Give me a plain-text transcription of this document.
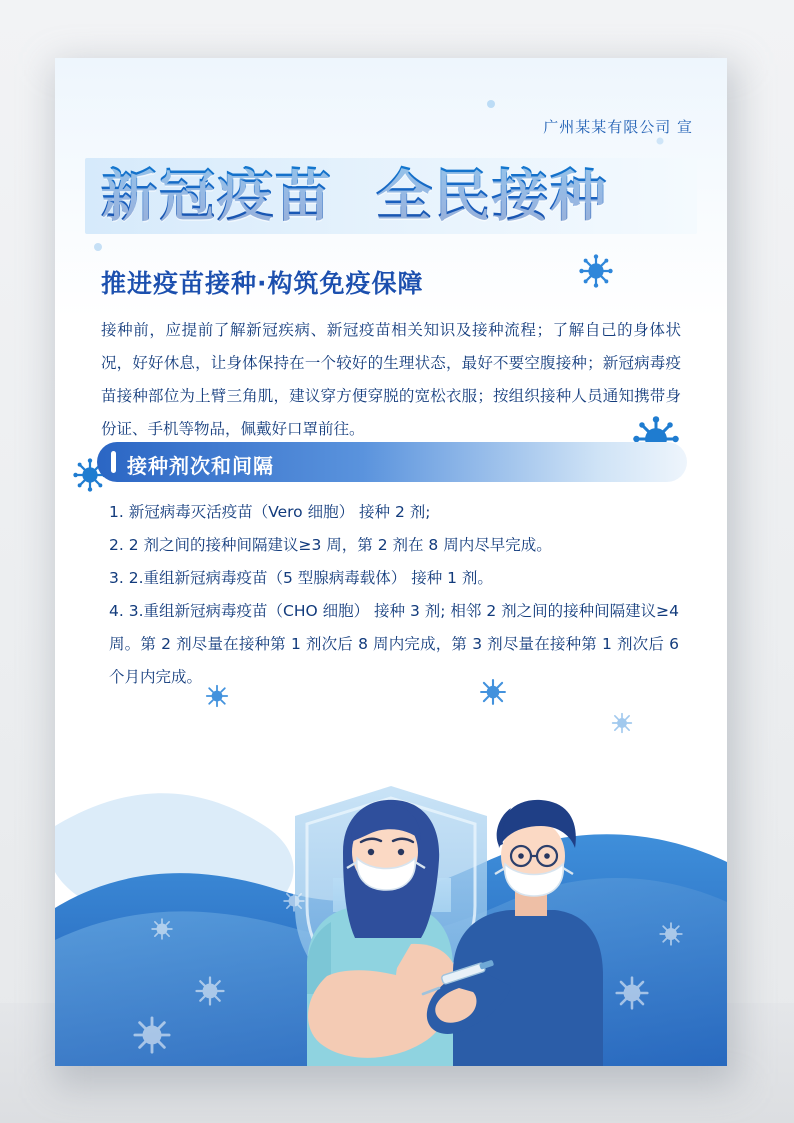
广州某某有限公司 宣
新冠疫苗  全民接种
推进疫苗接种·构筑免疫保障
接种前，应提前了解新冠疾病、新冠疫苗相关知识及接种流程；了解自己的身体状况，好好休息，让身体保持在一个较好的生理状态，最好不要空腹接种；新冠病毒疫苗接种部位为上臂三角肌，建议穿方便穿脱的宽松衣服；按组织接种人员通知携带身份证、手机等物品，佩戴好口罩前往。
接种剂次和间隔
1. 新冠病毒灭活疫苗（Vero 细胞） 接种 2 剂;
2. 2 剂之间的接种间隔建议≥3 周，第 2 剂在 8 周内尽早完成。
3. 2.重组新冠病毒疫苗（5 型腺病毒载体） 接种 1 剂。
4. 3.重组新冠病毒疫苗（CHO 细胞） 接种 3 剂; 相邻 2 剂之间的接种间隔建议≥4 周。第 2 剂尽量在接种第 1 剂次后 8 周内完成，第 3 剂尽量在接种第 1 剂次后 6 个月内完成。
